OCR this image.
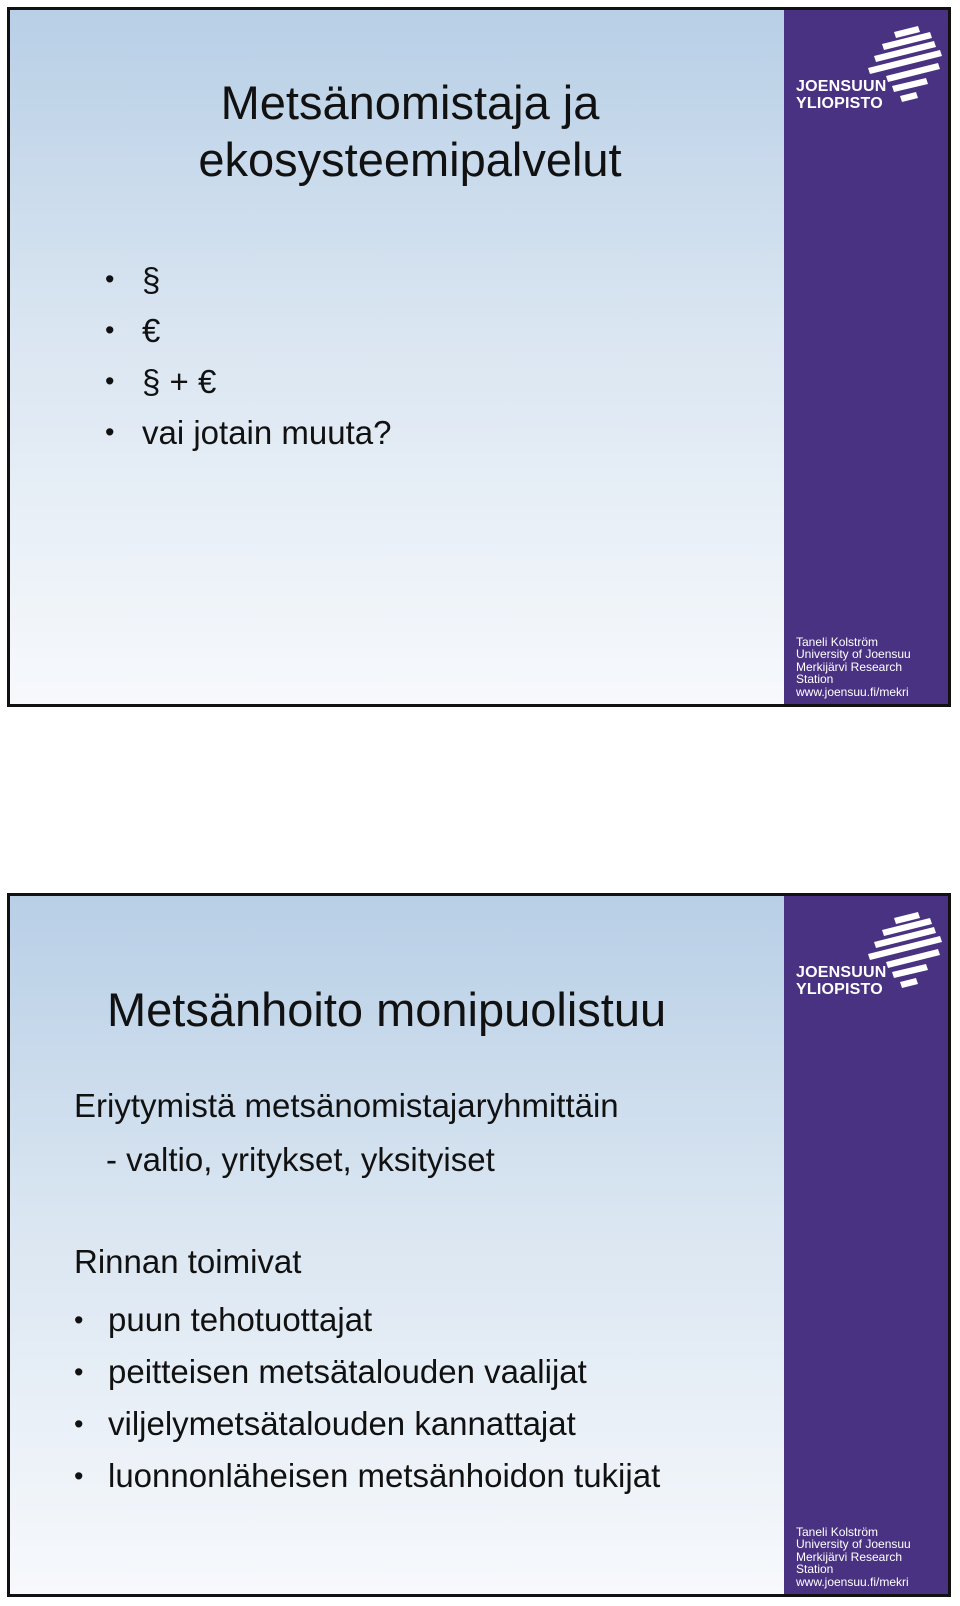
Metsänomistaja ja
ekosysteemipalvelut
• §
• €
• § + €
• vai jotain muuta?
JOENSUUN
YLIOPISTO
Taneli Kolström
University of Joensuu
Merkijärvi Research
Station
www.joensuu.fi/mekri
Metsänhoito monipuolistuu
Eriytymistä metsänomistajaryhmittäin
- valtio, yritykset, yksityiset
Rinnan toimivat
• puun tehotuottajat
• peitteisen metsätalouden vaalijat
• viljelymetsätalouden kannattajat
• luonnonläheisen metsänhoidon tukijat
JOENSUUN
YLIOPISTO
Taneli Kolström
University of Joensuu
Merkijärvi Research
Station
www.joensuu.fi/mekri
